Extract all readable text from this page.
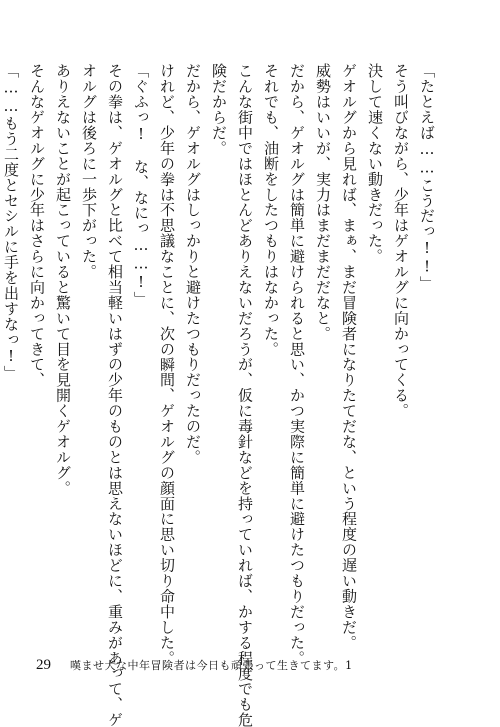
「たとえば……こうだっ!!」
そう叫びながら、少年はゲオルグに向かってくる。
決して速くない動きだった。
ゲオルグから見れば、まぁ、まだ冒険者になりたてだな、という程度の遅い動きだ。
威勢はいいが、実力はまだまだだなと。
だから、ゲオルグは簡単に避けられると思い、かつ実際に簡単に避けたつもりだった。
それでも、油断をしたつもりはなかった。
こんな街中ではほとんどありえないだろうが、仮に毒針などを持っていれば、かする程度でも危
険だからだ。
だから、ゲオルグはしっかりと避けたつもりだったのだ。
けれど、少年の拳は不思議なことに、次の瞬間、ゲオルグの顔面に思い切り命中した。
「ぐふっ!　な、なにっ……!」
その拳は、ゲオルグと比べて相当軽いはずの少年のものとは思えないほどに、重みがあって、ゲ
オルグは後ろに一歩下がった。
ありえないことが起こっていると驚いて目を見開くゲオルグ。
そんなゲオルグに少年はさらに向かってきて、
「……もう二度とセシルに手を出すなっ!」
29	嘆ませ犬な中年冒険者は今日も頑張って生きてます。1
